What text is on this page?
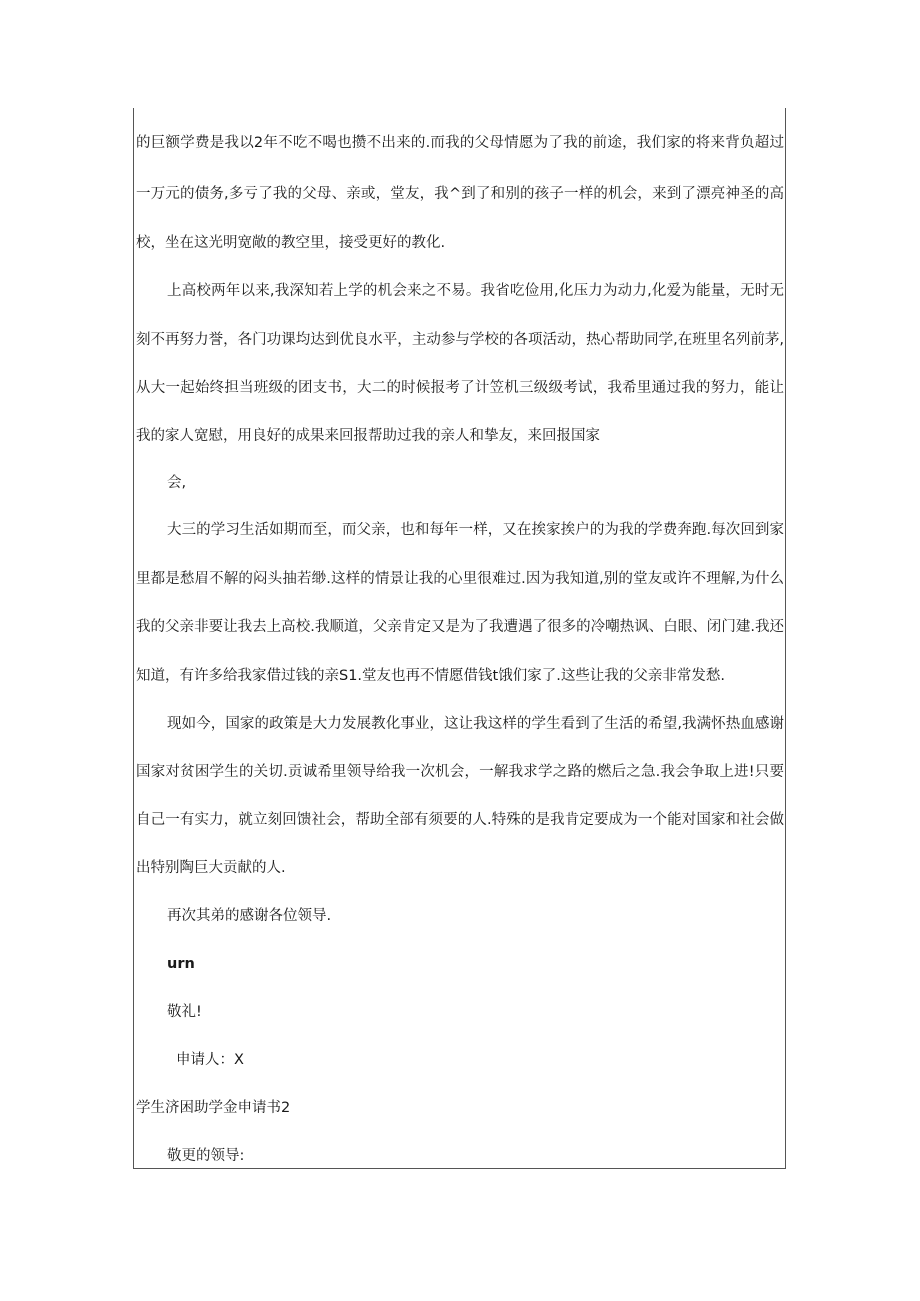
的巨额学费是我以2年不吃不喝也攒不出来的.而我的父母情愿为了我的前途，我们家的将来背负超过
一万元的债务,多亏了我的父母、亲或，堂友，我^到了和别的孩子一样的机会，来到了漂亮神圣的高
校，坐在这光明宽敞的教空里，接受更好的教化.
上高校两年以来,我深知若上学的机会来之不易。我省吃俭用,化压力为动力,化爱为能量，无时无
刻不再努力誉，各门功课均达到优良水平，主动参与学校的各项活动，热心帮助同学,在班里名列前茅,
从大一起始终担当班级的团支书，大二的时候报考了计笠机三级级考试，我希里通过我的努力，能让
我的家人宽慰，用良好的成果来回报帮助过我的亲人和挚友，来回报国家
会,
大三的学习生活如期而至，而父亲，也和每年一样，又在挨家挨户的为我的学费奔跑.每次回到家
里都是愁眉不解的闷头抽若缈.这样的情景让我的心里很难过.因为我知道,别的堂友或许不理解,为什么
我的父亲非要让我去上高校.我顺道，父亲肯定又是为了我遭遇了很多的冷嘲热讽、白眼、闭门建.我还
知道，有许多给我家借过钱的亲S1.堂友也再不情愿借钱t饿们家了.这些让我的父亲非常发愁.
现如今，国家的政策是大力发展教化事业，这让我这样的学生看到了生活的希望,我满怀热血感谢
国家对贫困学生的关切.贡诚希里领导给我一次机会，一解我求学之路的燃后之急.我会争取上进!只要
自己一有实力，就立刻回馈社会，帮助全部有须要的人.特殊的是我肯定要成为一个能对国家和社会做
出特别陶巨大贡献的人.
再次其弟的感谢各位领导.
urn
敬礼!
申请人：X
学生济困助学金申请书2
敬更的领导:
